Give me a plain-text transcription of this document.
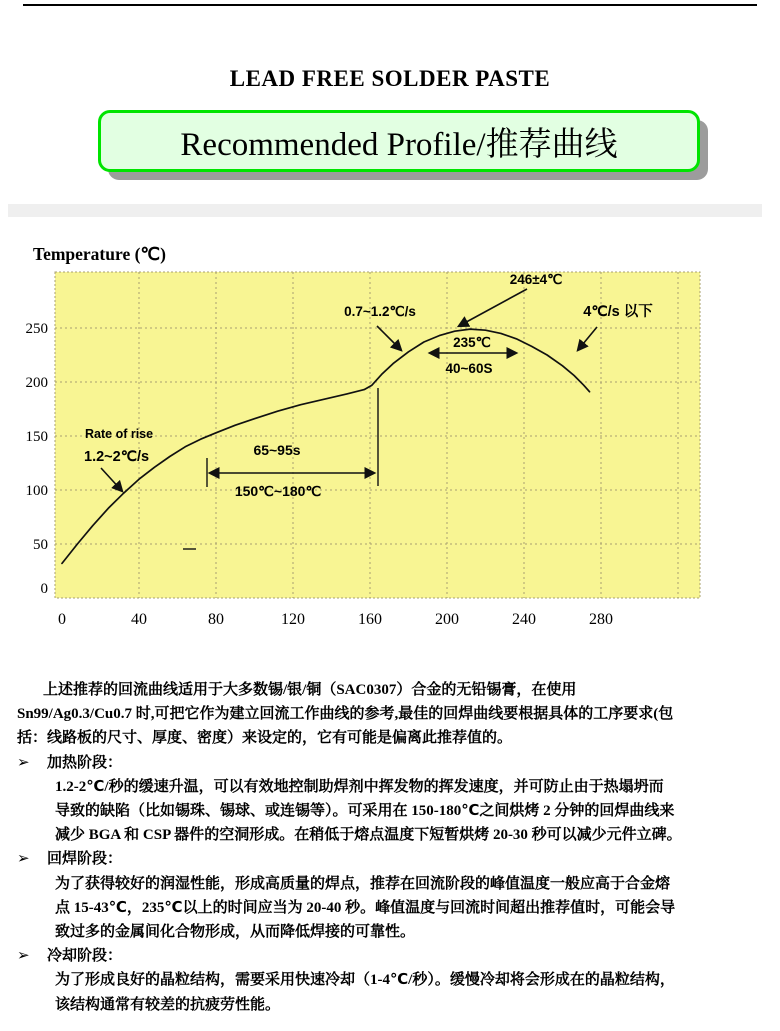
LEAD FREE SOLDER PASTE
Recommended Profile/推荐曲线
250
200
150
100
50
0
0	40	80	120	160	200	240	280
Temperature (℃)
246±4℃
0.7~1.2℃/s	4℃/s 以下
235℃
40~60S
65~95s
150℃~180℃
Rate of rise
1.2~2℃/s
上述推荐的回流曲线适用于大多数锡/银/铜（SAC0307）合金的无铅锡膏，在使用
Sn99/Ag0.3/Cu0.7 时,可把它作为建立回流工作曲线的参考,最佳的回焊曲线要根据具体的工序要求(包
括：线路板的尺寸、厚度、密度）来设定的，它有可能是偏离此推荐值的。
➢ 加热阶段：
1.2-2℃/秒的缓速升温，可以有效地控制助焊剂中挥发物的挥发速度，并可防止由于热塌坍而
导致的缺陷（比如锡珠、锡球、或连锡等）。可采用在 150-180℃之间烘烤 2 分钟的回焊曲线来
减少 BGA 和 CSP 器件的空洞形成。在稍低于熔点温度下短暂烘烤 20-30 秒可以减少元件立碑。
➢ 回焊阶段：
为了获得较好的润湿性能，形成高质量的焊点，推荐在回流阶段的峰值温度一般应高于合金熔
点 15-43℃，235℃以上的时间应当为 20-40 秒。峰值温度与回流时间超出推荐值时，可能会导
致过多的金属间化合物形成，从而降低焊接的可靠性。
➢ 冷却阶段：
为了形成良好的晶粒结构，需要采用快速冷却（1-4℃/秒）。缓慢冷却将会形成在的晶粒结构，
该结构通常有较差的抗疲劳性能。
